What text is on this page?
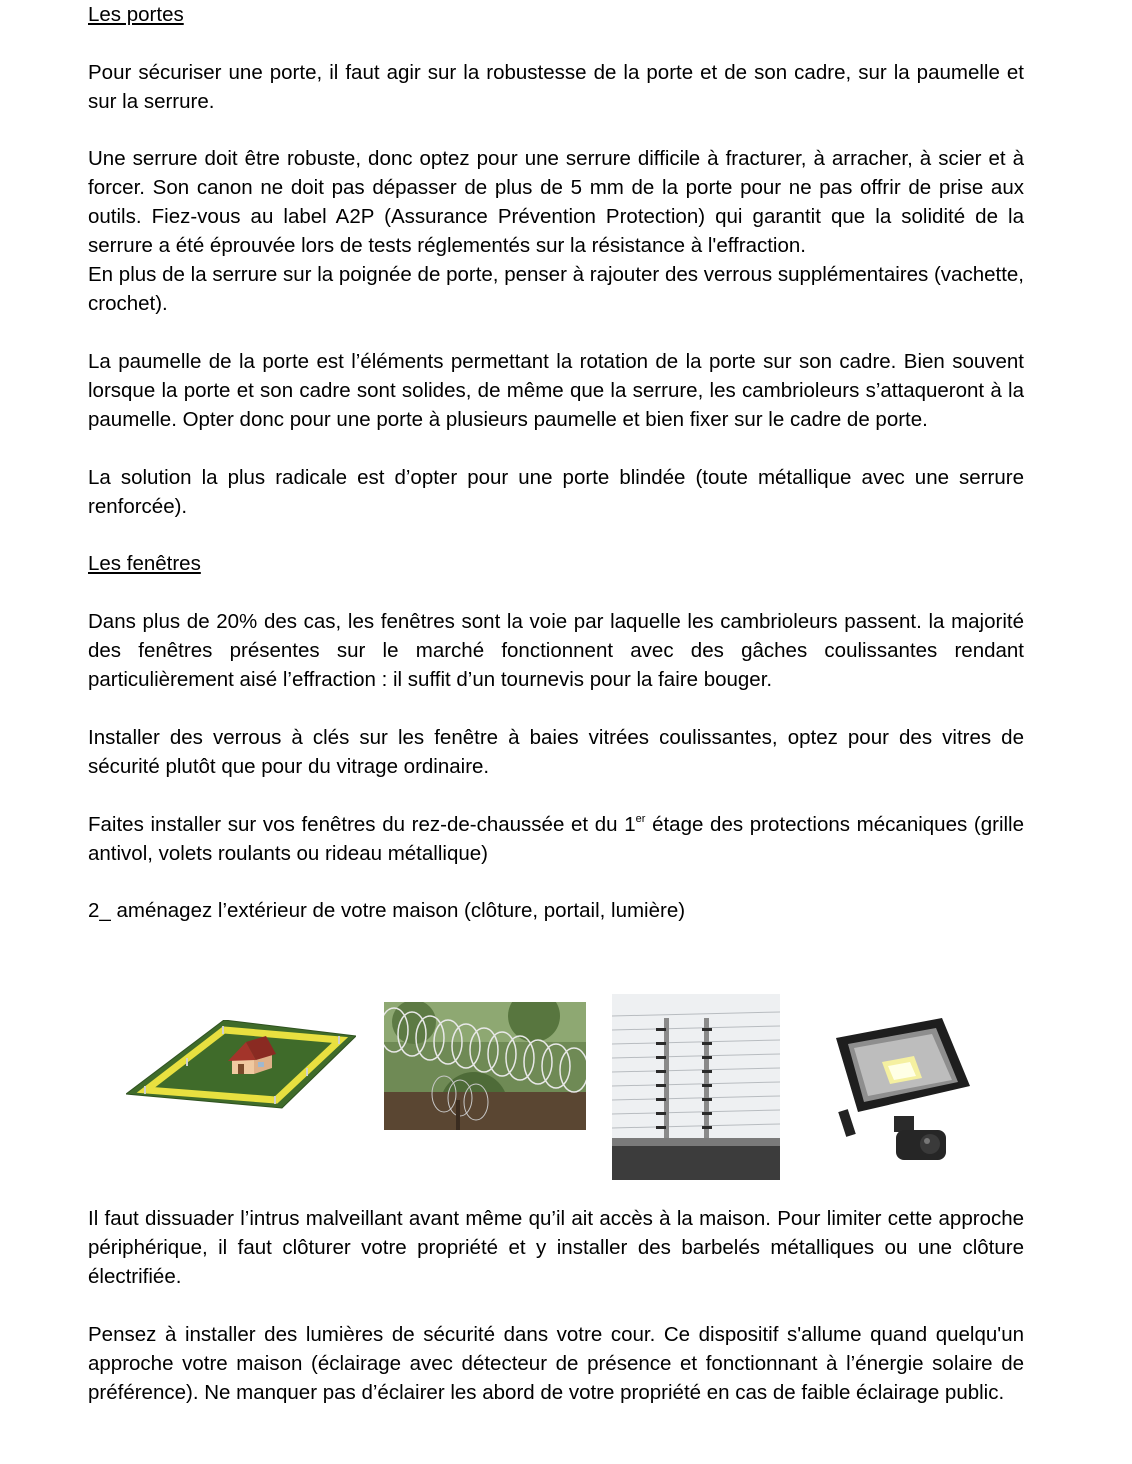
Les portes

Pour sécuriser une porte, il faut agir sur la robustesse de la porte et de son cadre, sur la paumelle et sur la serrure.

Une serrure doit être robuste, donc optez pour une serrure difficile à fracturer, à arracher, à scier et à forcer. Son canon ne doit pas dépasser de plus de 5 mm de la porte pour ne pas offrir de prise aux outils. Fiez-vous au label A2P (Assurance Prévention Protection) qui garantit que la solidité de la serrure a été éprouvée lors de tests réglementés sur la résistance à l'effraction.

En plus de la serrure sur la poignée de porte, penser à rajouter des verrous supplémentaires (vachette, crochet).

La paumelle de la porte est l’éléments permettant la rotation de la porte sur son cadre. Bien souvent lorsque la porte et son cadre sont solides, de même que la serrure, les cambrioleurs s’attaqueront à la paumelle. Opter donc pour une porte à plusieurs paumelle et bien fixer sur le cadre de porte.

La solution la plus radicale est d’opter pour une porte blindée (toute métallique avec une serrure renforcée).

Les fenêtres

Dans plus de 20% des cas, les fenêtres sont la voie par laquelle les cambrioleurs passent. la majorité des fenêtres présentes sur le marché fonctionnent avec des gâches coulissantes rendant particulièrement aisé l’effraction : il suffit d’un tournevis pour la faire bouger.

Installer des verrous à clés sur les fenêtre à baies vitrées coulissantes, optez pour des vitres de sécurité plutôt que pour du vitrage ordinaire.

Faites installer sur vos fenêtres du rez-de-chaussée et du 1er étage des protections mécaniques (grille antivol, volets roulants ou rideau métallique)

2_ aménagez l’extérieur de votre maison (clôture, portail, lumière)

Il faut dissuader l’intrus malveillant avant même qu’il ait accès à la maison. Pour limiter cette approche périphérique, il faut clôturer votre propriété et y installer des barbelés métalliques ou une clôture électrifiée.

Pensez à installer des lumières de sécurité dans votre cour. Ce dispositif s'allume quand quelqu'un approche votre maison (éclairage avec détecteur de présence et fonctionnant à l’énergie solaire de préférence). Ne manquer pas d’éclairer les abord de votre propriété en cas de faible éclairage public.
